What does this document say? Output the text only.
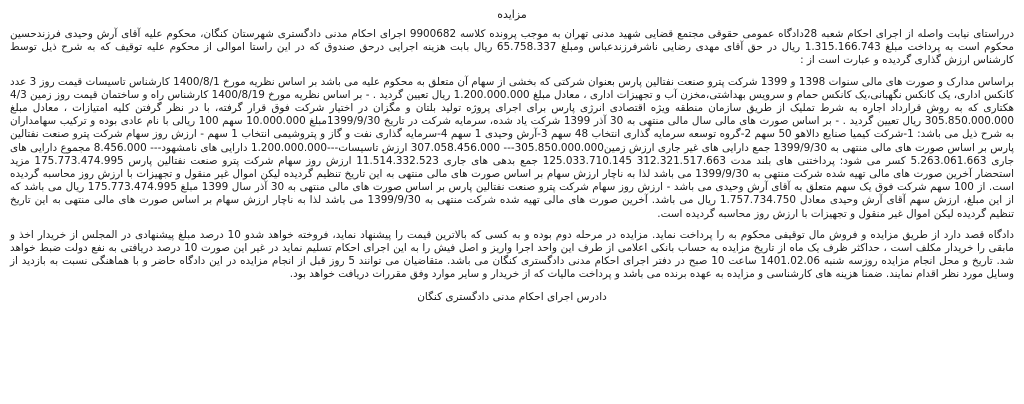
مزایده

درراستای نیابت واصله از اجرای احکام شعبه 28دادگاه عمومی حقوقی مجتمع قضایی شهید مدنی تهران به موجب پرونده کلاسه 9900682 اجرای احکام مدنی دادگستری شهرستان کنگان، محکوم علیه آقای آرش وحیدی فرزندحسین محکوم است به پرداخت مبلغ 1.315.166.743 ریال در حق آقای مهدی رضایی ناشرفرزندعباس ومبلغ 65.758.337 ریال بابت هزینه اجرایی درحق صندوق که در این راستا اموالی از محکوم علیه توقیف که به شرح ذیل توسط کارشناس ارزش گذاری گردیده و عبارت است از :

براساس مدارک و صورت های مالی سنوات 1398 و 1399 شرکت پترو صنعت نفتالین پارس بعنوان شرکتی که بخشی از سهام آن متعلق به محکوم علیه می باشد بر اساس نظریه مورخ 1400/8/1 کارشناس تاسیسات قیمت روز 3 عدد کانکس اداری، یک کانکس نگهبانی،یک کانکس حمام و سرویس بهداشتی،مخزن آب و تجهیزات اداری ، معادل مبلغ 1.200.000.000 ریال تعیین گردید . - بر اساس نظریه مورخ 1400/8/19 کارشناس راه و ساختمان قیمت روز زمین 4/3 هکتاری که به روش قرارداد اجاره به شرط تملیک از طریق سازمان منطقه ویژه اقتصادی انرژی پارس برای اجرای پروژه تولید بلتان و مگزان در اختیار شرکت فوق قرار گرفته، با در نظر گرفتن کلیه امتیازات ، معادل مبلغ 305.850.000.000 ریال تعیین گردید . - بر اساس صورت های مالی سال مالی منتهی به 30 آذر 1399 شرکت یاد شده، سرمایه شرکت در تاریخ 1399/9/30مبلغ 10.000.000 سهم 100 ریالی با نام عادی بوده و ترکیب سهامداران به شرح ذیل می باشد: 1-شرکت کیمیا صنایع دالاهو 50 سهم 2-گروه توسعه سرمایه گذاری انتخاب 48 سهم 3-آرش وحیدی 1 سهم 4-سرمایه گذاری نفت و گاز و پتروشیمی انتخاب 1 سهم - ارزش روز سهام شرکت پترو صنعت نفتالین پارس بر اساس صورت های مالی منتهی به 1399/9/30 جمع دارایی های غیر جاری ارزش زمین305.850.000.000--- 307.058.456.000 ارزش تاسیسات---1.200.000.000 دارایی های نامشهود--- 8.456.000 مجموع دارایی های جاری 5.263.061.663 کسر می شود: پرداختنی های بلند مدت 312.321.517.663 125.033.710.145 جمع بدهی های جاری 11.514.332.523 ارزش روز سهام شرکت پترو صنعت نفتالین پارس 175.773.474.995 مزید استحضار آخرین صورت های مالی تهیه شده شرکت منتهی به 1399/9/30 می باشد لذا به ناچار ارزش سهام بر اساس صورت های مالی منتهی به این تاریخ تنظیم گردیده لیکن اموال غیر منقول و تجهیزات با ارزش روز محاسبه گردیده است. از 100 سهم شرکت فوق یک سهم متعلق به آقای آرش وحیدی می باشد - ارزش روز سهام شرکت پترو صنعت نفتالین پارس بر اساس صورت های مالی منتهی به 30 آذر سال 1399 مبلغ 175.773.474.995 ریال می باشد که از این مبلغ، ارزش سهم آقای آرش وحیدی معادل 1.757.734.750 ریال می باشد. آخرین صورت های مالی تهیه شده شرکت منتهی به 1399/9/30 می باشد لذا به ناچار ارزش سهام بر اساس صورت های مالی منتهی به این تاریخ تنظیم گردیده لیکن اموال غیر منقول و تجهیزات با ارزش روز محاسبه گردیده است.

دادگاه قصد دارد از طریق مزایده و فروش مال توقیفی محکوم به را پرداخت نماید. مزایده در مرحله دوم بوده و به کسی که بالاترین قیمت را پیشنهاد نماید، فروخته خواهد شدو 10 درصد مبلغ پیشنهادی در المجلس از خریدار اخذ و مابقی را خریدار مکلف است ، حداکثر ظرف یک ماه از تاریخ مزایده به حساب بانکی اعلامی از طرف این واحد اجرا واریز و اصل فیش را به این اجرای احکام تسلیم نماید در غیر این صورت 10 درصد دریافتی به نفع دولت ضبط خواهد شد. تاریخ و محل انجام مزایده روزسه شنبه 1401.02.06 ساعت 10 صبح در دفتر اجرای احکام مدنی دادگستری کنگان می باشد. متقاضیان می توانند 5 روز قبل از انجام مزایده در این دادگاه حاضر و با هماهنگی نسبت به بازدید از وسایل مورد نظر اقدام نمایند. ضمنا هزینه های کارشناسی و مزایده به عهده برنده می باشد و پرداخت مالیات که از خریدار و سایر موارد وفق مقررات دریافت خواهد بود.

دادرس اجرای احکام مدنی دادگستری کنگان
